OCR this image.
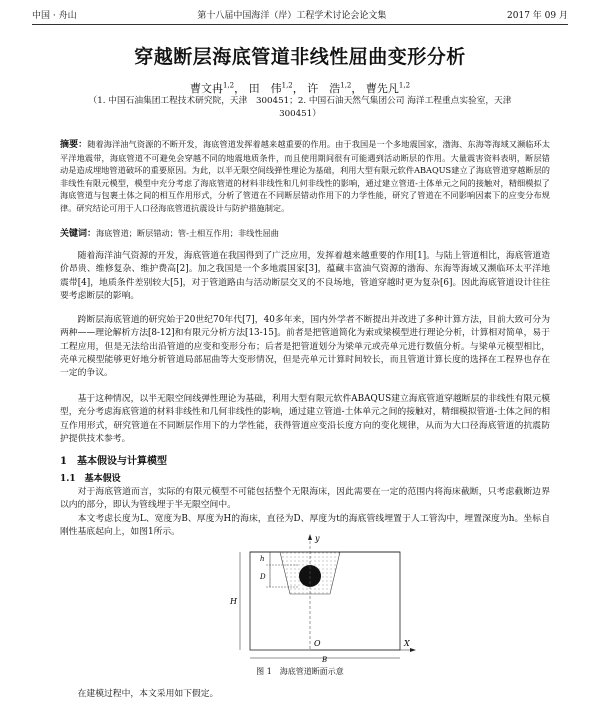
中国 · 舟山	第十八届中国海洋（岸）工程学术讨论会论文集	2017 年 09 月
穿越断层海底管道非线性屈曲变形分析
曹文冉$^{1,2}$， 田　伟$^{1,2}$， 许　浩$^{1,2}$， 曹先凡$^{1,2}$
（1. 中国石油集团工程技术研究院，天津　300451；2. 中国石油天然气集团公司 海洋工程重点实验室，天津　300451）
摘要：随着海洋油气资源的不断开发，海底管道发挥着越来越重要的作用。由于我国是一个多地震国家，渤海、东海等海域又濒临环太平洋地震带，海底管道不可避免会穿越不同的地震地质条件，而且使用期间很有可能遇到活动断层的作用。大量震害资料表明，断层错动是造成埋地管道破坏的重要原因。为此，以半无限空间线弹性理论为基础，利用大型有限元软件ABAQUS建立了海底管道穿越断层的非线性有限元模型，模型中充分考虑了海底管道的材料非线性和几何非线性的影响，通过建立管道-土体单元之间的接触对，精细模拟了海底管道与包裹土体之间的相互作用形式，分析了管道在不同断层错动作用下的力学性能，研究了管道在不同影响因素下的应变分布规律。研究结论可用于人口径海底管道抗震设计与防护措施制定。
关键词：海底管道；断层错动；管-土相互作用；非线性屈曲
随着海洋油气资源的开发，海底管道在我国得到了广泛应用，发挥着越来越重要的作用[1]。与陆上管道相比，海底管道造价昂贵、维修复杂、维护费高[2]。加之我国是一个多地震国家[3]，蕴藏丰富油气资源的渤海、东海等海域又濒临环太平洋地震带[4]，地质条件差别较大[5]，对于管道路由与活动断层交叉的不良场地，管道穿越时更为复杂[6]。因此海底管道设计往往要考虑断层的影响。
跨断层海底管道的研究始于20世纪70年代[7]，40多年来，国内外学者不断提出并改进了多种计算方法，目前大致可分为两种——理论解析方法[8-12]和有限元分析方法[13-15]。前者是把管道简化为索或梁模型进行理论分析，计算相对简单，易于工程应用，但是无法给出沿管道的应变和变形分布；后者是把管道划分为梁单元或壳单元进行数值分析。与梁单元模型相比，壳单元模型能够更好地分析管道局部屈曲等大变形情况，但是壳单元计算时间较长，而且管道计算长度的选择在工程界也存在一定的争议。
基于这种情况，以半无限空间线弹性理论为基础，利用大型有限元软件ABAQUS建立海底管道穿越断层的非线性有限元模型，充分考虑海底管道的材料非线性和几何非线性的影响，通过建立管道-土体单元之间的接触对，精细模拟管道-土体之间的相互作用形式，研究管道在不同断层作用下的力学性能，获得管道应变沿长度方向的变化规律，从而为大口径海底管道的抗震防护提供技术参考。
1　基本假设与计算模型
1.1　基本假设
对于海底管道而言，实际的有限元模型不可能包括整个无限海床，因此需要在一定的范围内将海床截断，只考虑截断边界以内的部分，即认为管线埋于半无限空间中。
本文考虑长度为L、宽度为B、厚度为H的海床，直径为D、厚度为t的海底管线埋置于人工管沟中，埋置深度为h。坐标自刚性基底起向上，如图1所示。
y
X
O
h
D
H
B
图 1　海底管道断面示意
在建模过程中，本文采用如下假定。
